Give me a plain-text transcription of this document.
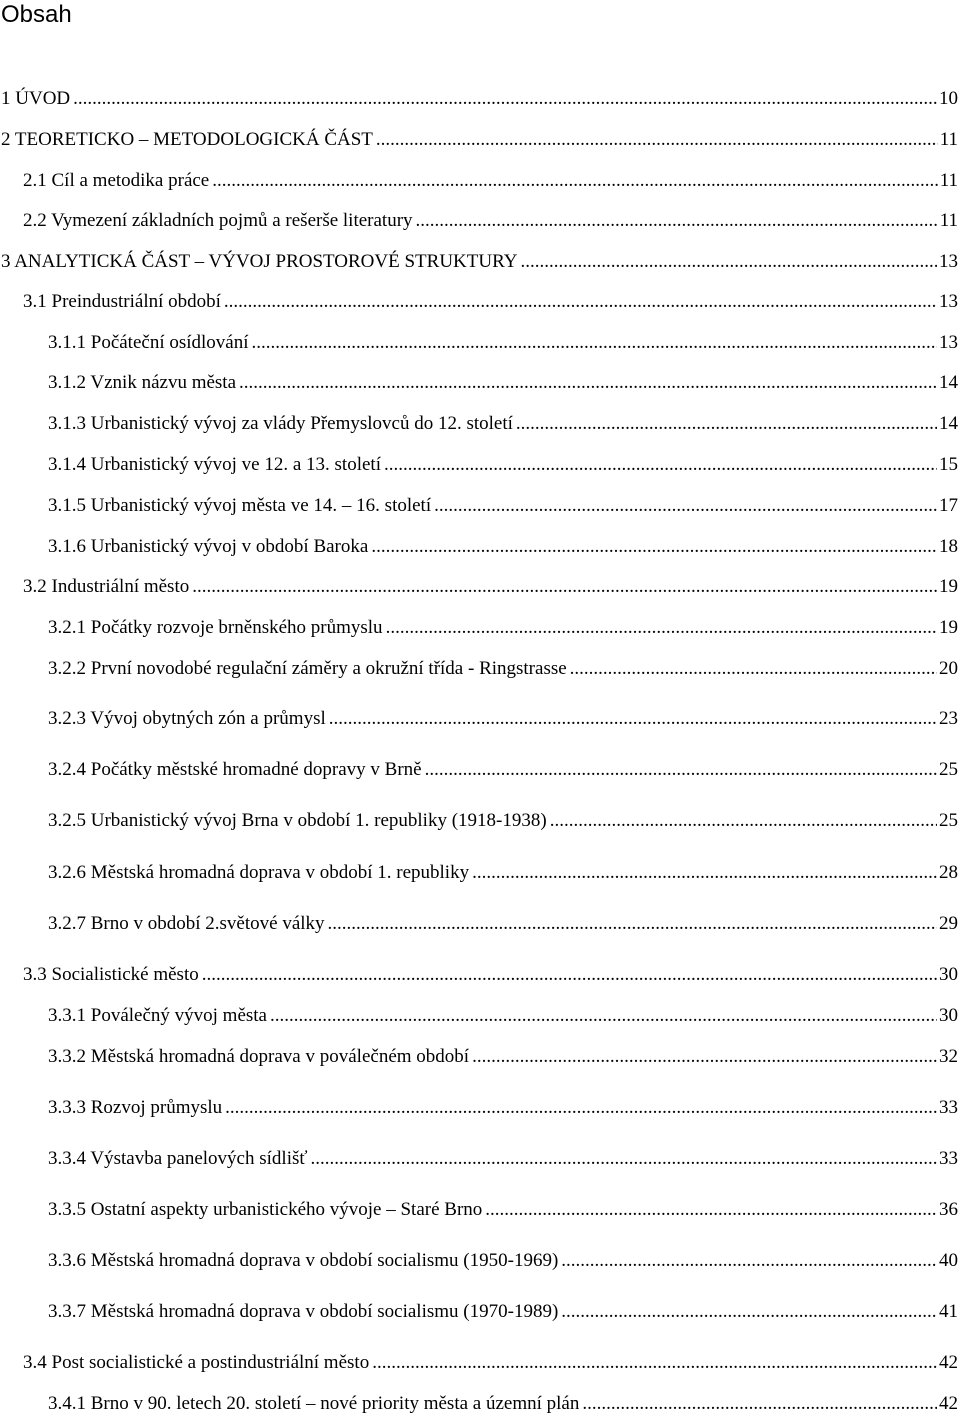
Obsah
1 ÚVOD .....	10
2 TEORETICKO – METODOLOGICKÁ ČÁST .....	11
2.1 Cíl a metodika práce .....	11
2.2 Vymezení základních pojmů a rešerše literatury .....	11
3 ANALYTICKÁ ČÁST – VÝVOJ PROSTOROVÉ STRUKTURY .....	13
3.1 Preindustriální období .....	13
3.1.1 Počáteční osídlování .....	13
3.1.2 Vznik názvu města .....	14
3.1.3 Urbanistický vývoj za vlády Přemyslovců do 12. století .....	14
3.1.4 Urbanistický vývoj ve 12. a 13. století .....	15
3.1.5 Urbanistický vývoj města ve 14. – 16. století .....	17
3.1.6 Urbanistický vývoj v období Baroka .....	18
3.2 Industriální město .....	19
3.2.1 Počátky rozvoje brněnského průmyslu .....	19
3.2.2 První novodobé regulační záměry a okružní třída - Ringstrasse .....	20
3.2.3 Vývoj obytných zón a průmysl .....	23
3.2.4 Počátky městské hromadné dopravy v Brně .....	25
3.2.5 Urbanistický vývoj Brna v období 1. republiky (1918-1938) .....	25
3.2.6 Městská hromadná doprava v období 1. republiky .....	28
3.2.7 Brno v období 2.světové války .....	29
3.3 Socialistické město .....	30
3.3.1 Poválečný vývoj města .....	30
3.3.2 Městská hromadná doprava v poválečném období .....	32
3.3.3 Rozvoj průmyslu .....	33
3.3.4 Výstavba panelových sídlišť .....	33
3.3.5 Ostatní aspekty urbanistického vývoje – Staré Brno .....	36
3.3.6 Městská hromadná doprava v období socialismu (1950-1969) .....	40
3.3.7 Městská hromadná doprava v období socialismu (1970-1989) .....	41
3.4 Post socialistické a postindustriální město .....	42
3.4.1 Brno v 90. letech 20. století – nové priority města a územní plán .....	42
